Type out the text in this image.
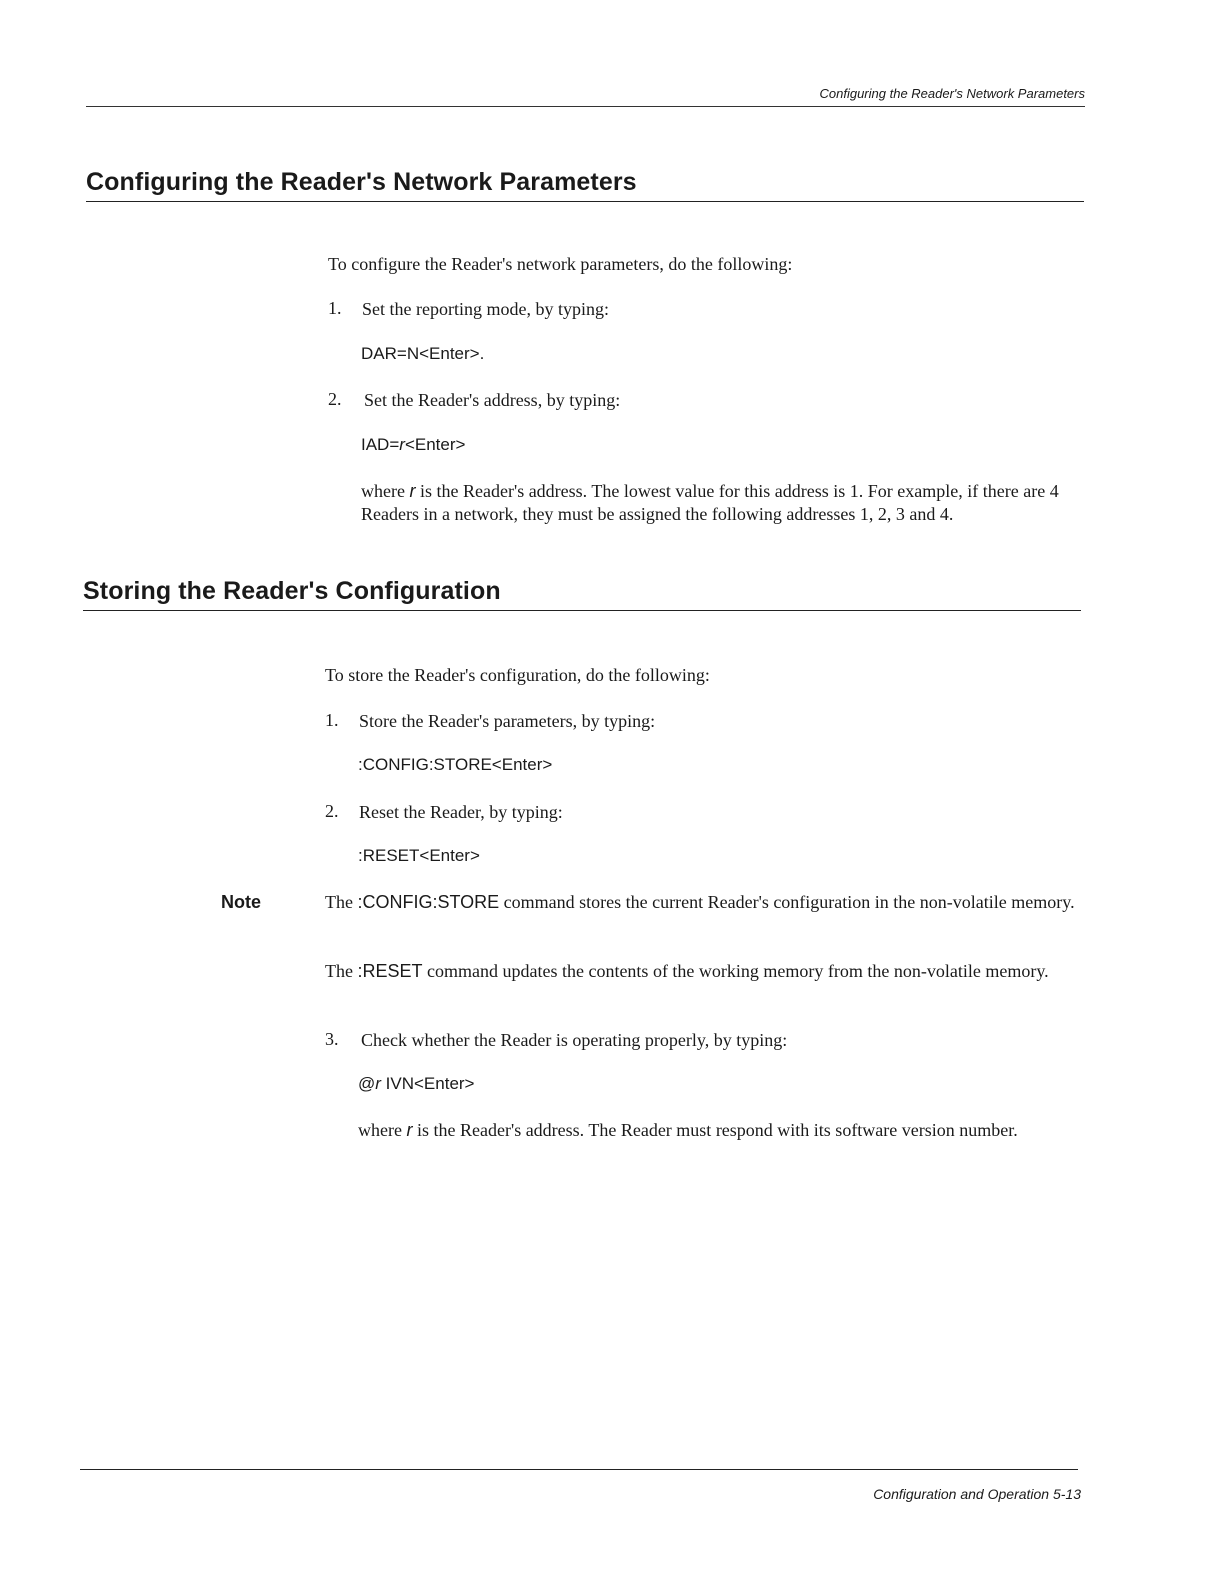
Configuring the Reader's Network Parameters
Configuring the Reader's Network Parameters
To configure the Reader's network parameters, do the following:
1. Set the reporting mode, by typing:
DAR=N<Enter>.
2. Set the Reader's address, by typing:
IAD=r<Enter>
where r is the Reader's address. The lowest value for this address is 1. For example, if there are 4 Readers in a network, they must be assigned the following addresses 1, 2, 3 and 4.
Storing the Reader's Configuration
To store the Reader's configuration, do the following:
1. Store the Reader's parameters, by typing:
:CONFIG:STORE<Enter>
2. Reset the Reader, by typing:
:RESET<Enter>
Note	The :CONFIG:STORE command stores the current Reader's configuration in the non-volatile memory.
The :RESET command updates the contents of the working memory from the non-volatile memory.
3. Check whether the Reader is operating properly, by typing:
@r IVN<Enter>
where r is the Reader's address. The Reader must respond with its software version number.
Configuration and Operation 5-13
